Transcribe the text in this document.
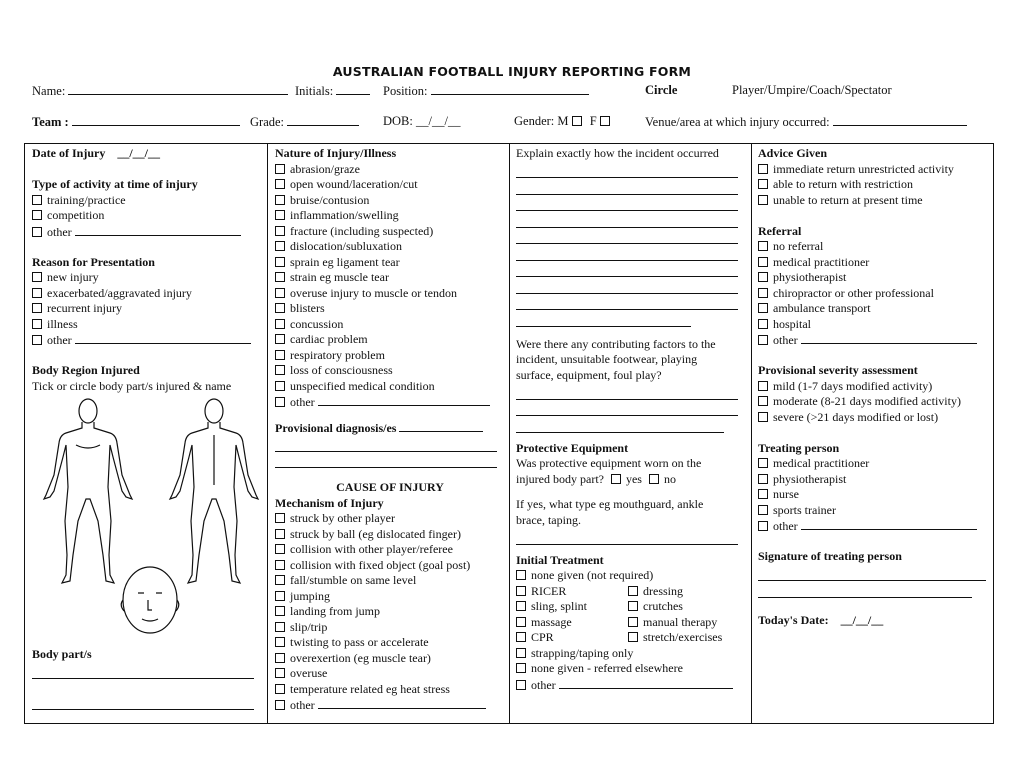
AUSTRALIAN FOOTBALL INJURY REPORTING FORM
Name:	Initials:	Position:	Circle	Player/Umpire/Coach/Spectator
Team :	Grade:	DOB: __/__/__	Gender: M F	Venue/area at which injury occurred:
Date of Injury __/__/__
Type of activity at time of injury
training/practice
competition
other
Reason for Presentation
new injury
exacerbated/aggravated injury
recurrent injury
illness
other
Body Region Injured
Tick or circle body part/s injured & name
Body part/s
Nature of Injury/Illness
abrasion/graze
open wound/laceration/cut
bruise/contusion
inflammation/swelling
fracture (including suspected)
dislocation/subluxation
sprain eg ligament tear
strain eg muscle tear
overuse injury to muscle or tendon
blisters
concussion
cardiac problem
respiratory problem
loss of consciousness
unspecified medical condition
other
Provisional diagnosis/es
CAUSE OF INJURY
Mechanism of Injury
struck by other player
struck by ball (eg dislocated finger)
collision with other player/referee
collision with fixed object (goal post)
fall/stumble on same level
jumping
landing from jump
slip/trip
twisting to pass or accelerate
overexertion (eg muscle tear)
overuse
temperature related eg heat stress
other
Explain exactly how the incident occurred
Were there any contributing factors to the
incident, unsuitable footwear, playing
surface, equipment, foul play?
Protective Equipment
Was protective equipment worn on the
injured body part? yes no
If yes, what type eg mouthguard, ankle
brace, taping.
Initial Treatment
none given (not required)
RICER	dressing
sling, splint	crutches
massage	manual therapy
CPR	stretch/exercises
strapping/taping only
none given - referred elsewhere
other
Advice Given
immediate return unrestricted activity
able to return with restriction
unable to return at present time
Referral
no referral
medical practitioner
physiotherapist
chiropractor or other professional
ambulance transport
hospital
other
Provisional severity assessment
mild (1-7 days modified activity)
moderate (8-21 days modified activity)
severe (>21 days modified or lost)
Treating person
medical practitioner
physiotherapist
nurse
sports trainer
other
Signature of treating person
Today's Date: __/__/__
